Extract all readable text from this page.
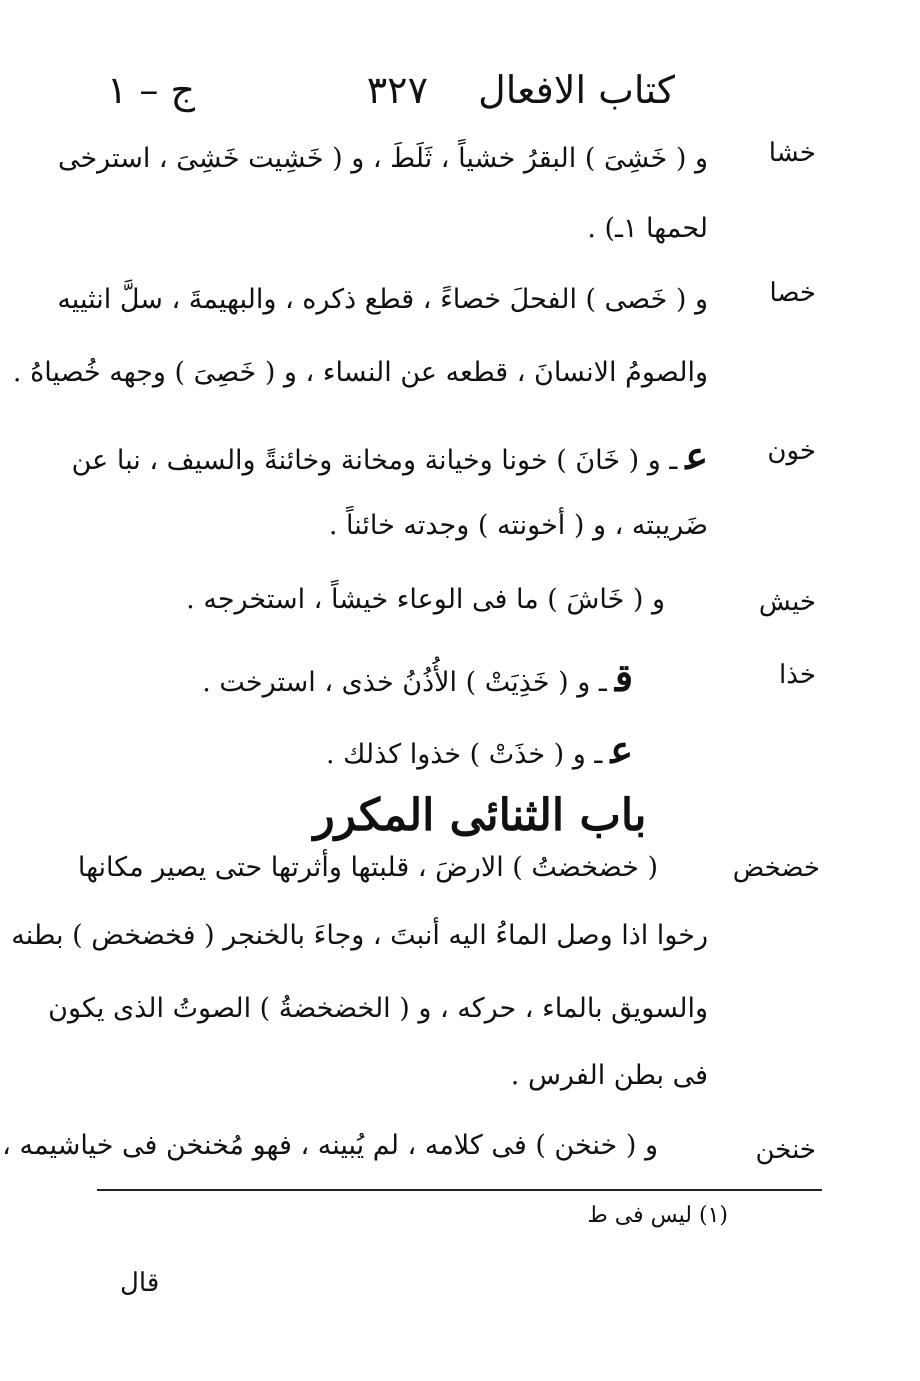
كتاب الافعال
٣٢٧
ج – ١
خشا
و ( خَشِىَ ) البقرُ خشياً ، ثَلَطَ ، و ( خَشِيت خَشِىَ ، استرخى
لحمها ١ـ) .
خصا
و ( خَصى ) الفحلَ خصاءً ، قطع ذكره ، والبهيمةَ ، سلَّ انثييه
والصومُ الانسانَ ، قطعه عن النساء ، و ( خَصِىَ ) وجهه خُصياهُ .
خون
عـ و ( خَانَ ) خونا وخيانة ومخانة وخائنةً والسيف ، نبا عن
ضَريبته ، و ( أخونته ) وجدته خائناً .
خيش
و ( خَاشَ ) ما فى الوعاء خيشاً ، استخرجه .
خذا
قـ و ( خَذِيَتْ ) الأُذُنُ خذى ، استرخت .
عـ و ( خذَتْ ) خذوا كذلك .
باب الثنائى المكرر
خضخض
( خضخضتُ ) الارضَ ، قلبتها وأثرتها حتى يصير مكانها
رخوا اذا وصل الماءُ اليه أنبتَ ، وجاءَ بالخنجر ( فخضخض ) بطنه
والسويق بالماء ، حركه ، و ( الخضخضةُ ) الصوتُ الذى يكون
فى بطن الفرس .
خنخن
و ( خنخن ) فى كلامه ، لم يُبينه ، فهو مُخنخن فى خياشيمه ،
(١) ليس فى ط
قال
